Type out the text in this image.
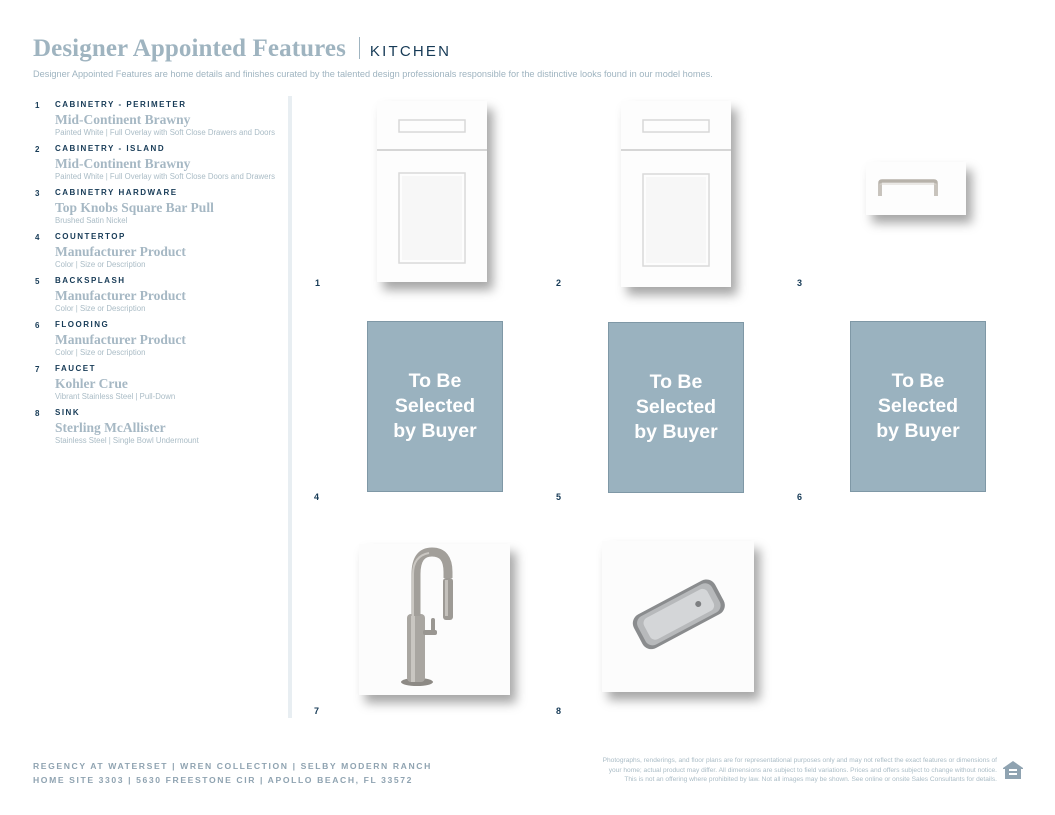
Designer Appointed Features KITCHEN
Designer Appointed Features are home details and finishes curated by the talented design professionals responsible for the distinctive looks found in our model homes.
1	CABINETRY - PERIMETER
Mid-Continent Brawny
Painted White | Full Overlay with Soft Close Drawers and Doors
2	CABINETRY - ISLAND
Mid-Continent Brawny
Painted White | Full Overlay with Soft Close Doors and Drawers
3	CABINETRY HARDWARE
Top Knobs Square Bar Pull
Brushed Satin Nickel
4	COUNTERTOP
Manufacturer Product
Color | Size or Description
5	BACKSPLASH
Manufacturer Product
Color | Size or Description
6	FLOORING
Manufacturer Product
Color | Size or Description
7	FAUCET
Kohler Crue
Vibrant Stainless Steel | Pull-Down
8	SINK
Sterling McAllister
Stainless Steel | Single Bowl Undermount
1	2	3
To Be
Selected
by Buyer
4
To Be
Selected
by Buyer
5
To Be
Selected
by Buyer
6
7	8
REGENCY AT WATERSET | WREN COLLECTION | SELBY MODERN RANCH
HOME SITE 3303 | 5630 FREESTONE CIR | APOLLO BEACH, FL 33572
Photographs, renderings, and floor plans are for representational purposes only and may not reflect the exact features or dimensions of
your home; actual product may differ. All dimensions are subject to field variations. Prices and offers subject to change without notice.
This is not an offering where prohibited by law. Not all images may be shown. See online or onsite Sales Consultants for details.
